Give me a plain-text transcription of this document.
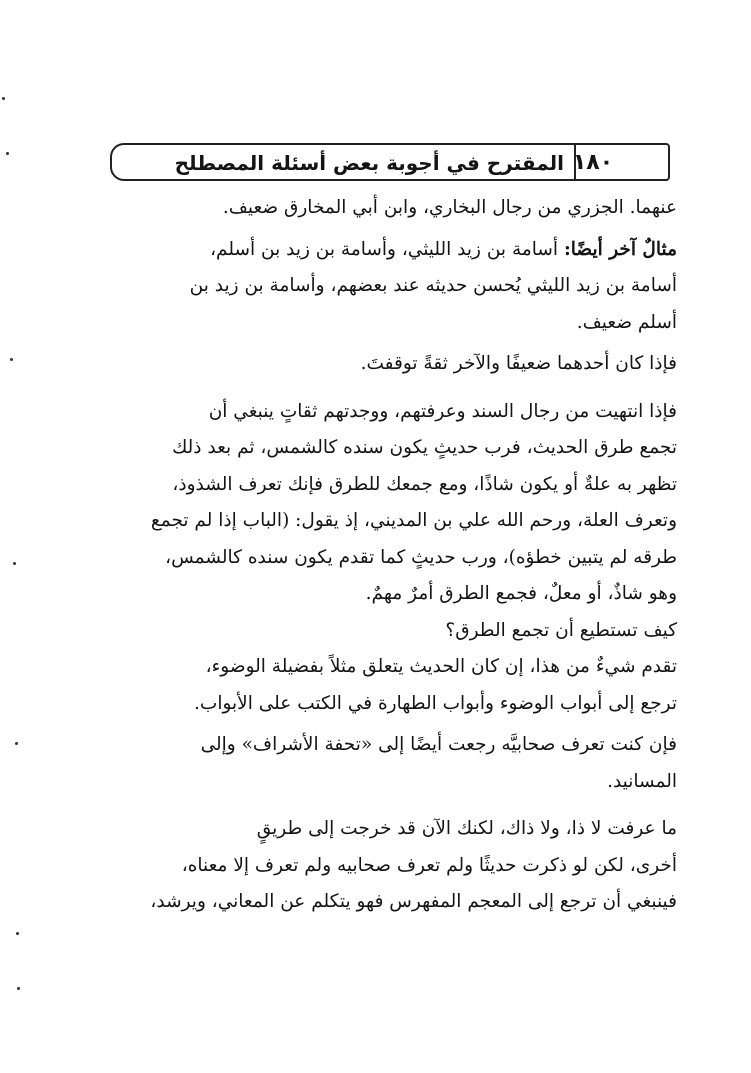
المقترح في أجوبة بعض أسئلة المصطلح ١٨٠

عنهما. الجزري من رجال البخاري، وابن أبي المخارق ضعيف.

مثالٌ آخر أيضًا: أسامة بن زيد الليثي، وأسامة بن زيد بن أسلم،

أسامة بن زيد الليثي يُحسن حديثه عند بعضهم، وأسامة بن زيد بن

أسلم ضعيف.

فإذا كان أحدهما ضعيفًا والآخر ثقةً توقفتَ.

فإذا انتهيت من رجال السند وعرفتهم، ووجدتهم ثقاتٍ ينبغي أن

تجمع طرق الحديث، فرب حديثٍ يكون سنده كالشمس، ثم بعد ذلك

تظهر به علةٌ أو يكون شاذًا، ومع جمعك للطرق فإنك تعرف الشذوذ،

وتعرف العلة، ورحم الله علي بن المديني، إذ يقول: (الباب إذا لم تجمع

طرقه لم يتبين خطؤه)، ورب حديثٍ كما تقدم يكون سنده كالشمس،

وهو شاذٌ، أو معلٌ، فجمع الطرق أمرٌ مهمٌ.

كيف تستطيع أن تجمع الطرق؟

تقدم شيءٌ من هذا، إن كان الحديث يتعلق مثلاً بفضيلة الوضوء،

ترجع إلى أبواب الوضوء وأبواب الطهارة في الكتب على الأبواب.

فإن كنت تعرف صحابيَّه رجعت أيضًا إلى «تحفة الأشراف» وإلى

المسانيد.

ما عرفت لا ذا، ولا ذاك، لكنك الآن قد خرجت إلى طريقٍ

أخرى، لكن لو ذكرت حديثًا ولم تعرف صحابيه ولم تعرف إلا معناه،

فينبغي أن ترجع إلى المعجم المفهرس فهو يتكلم عن المعاني، ويرشد،
